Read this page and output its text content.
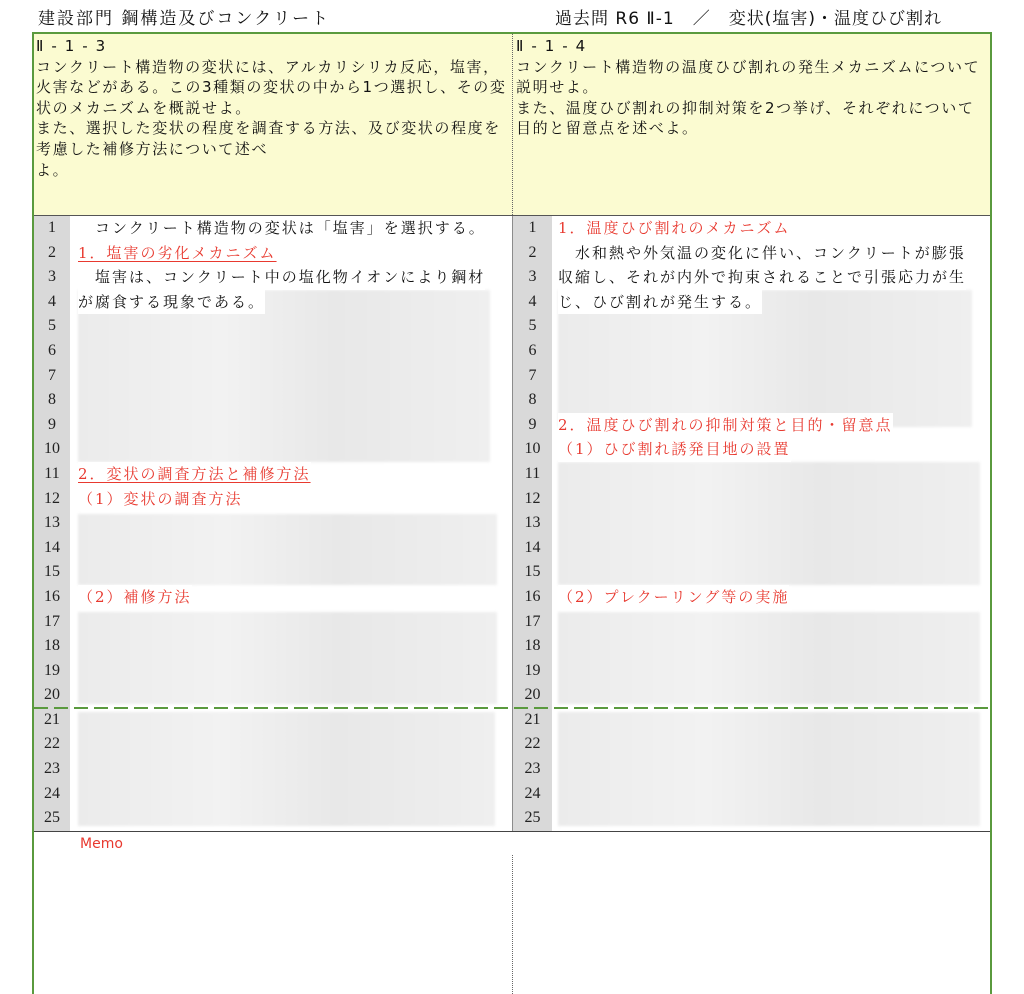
建設部門 鋼構造及びコンクリート	過去問 R6 Ⅱ-1　／　変状(塩害)・温度ひび割れ
Ⅱ - 1 - 3
コンクリート構造物の変状には、アルカリシリカ反応，塩害，
火害などがある。この3種類の変状の中から1つ選択し、その変
状のメカニズムを概説せよ。
また、選択した変状の程度を調査する方法、及び変状の程度を
考慮した補修方法について述べ
よ。
Ⅱ - 1 - 4
コンクリート構造物の温度ひび割れの発生メカニズムについて
説明せよ。
また、温度ひび割れの抑制対策を2つ挙げ、それぞれについて
目的と留意点を述べよ。
1	　コンクリート構造物の変状は「塩害」を選択する。
2	1．塩害の劣化メカニズム
3	　塩害は、コンクリート中の塩化物イオンにより鋼材
4	が腐食する現象である。
5
6
7
8
9
10
11	2．変状の調査方法と補修方法
12	（1）変状の調査方法
13
14
15
16	（2）補修方法
17
18
19
20
21
22
23
24
25
1	1．温度ひび割れのメカニズム
2	　水和熱や外気温の変化に伴い、コンクリートが膨張
3	収縮し、それが内外で拘束されることで引張応力が生
4	じ、ひび割れが発生する。
5
6
7
8
9	2．温度ひび割れの抑制対策と目的・留意点
10	（1）ひび割れ誘発目地の設置
11
12
13
14
15
16	（2）プレクーリング等の実施
17
18
19
20
21
22
23
24
25
Memo
